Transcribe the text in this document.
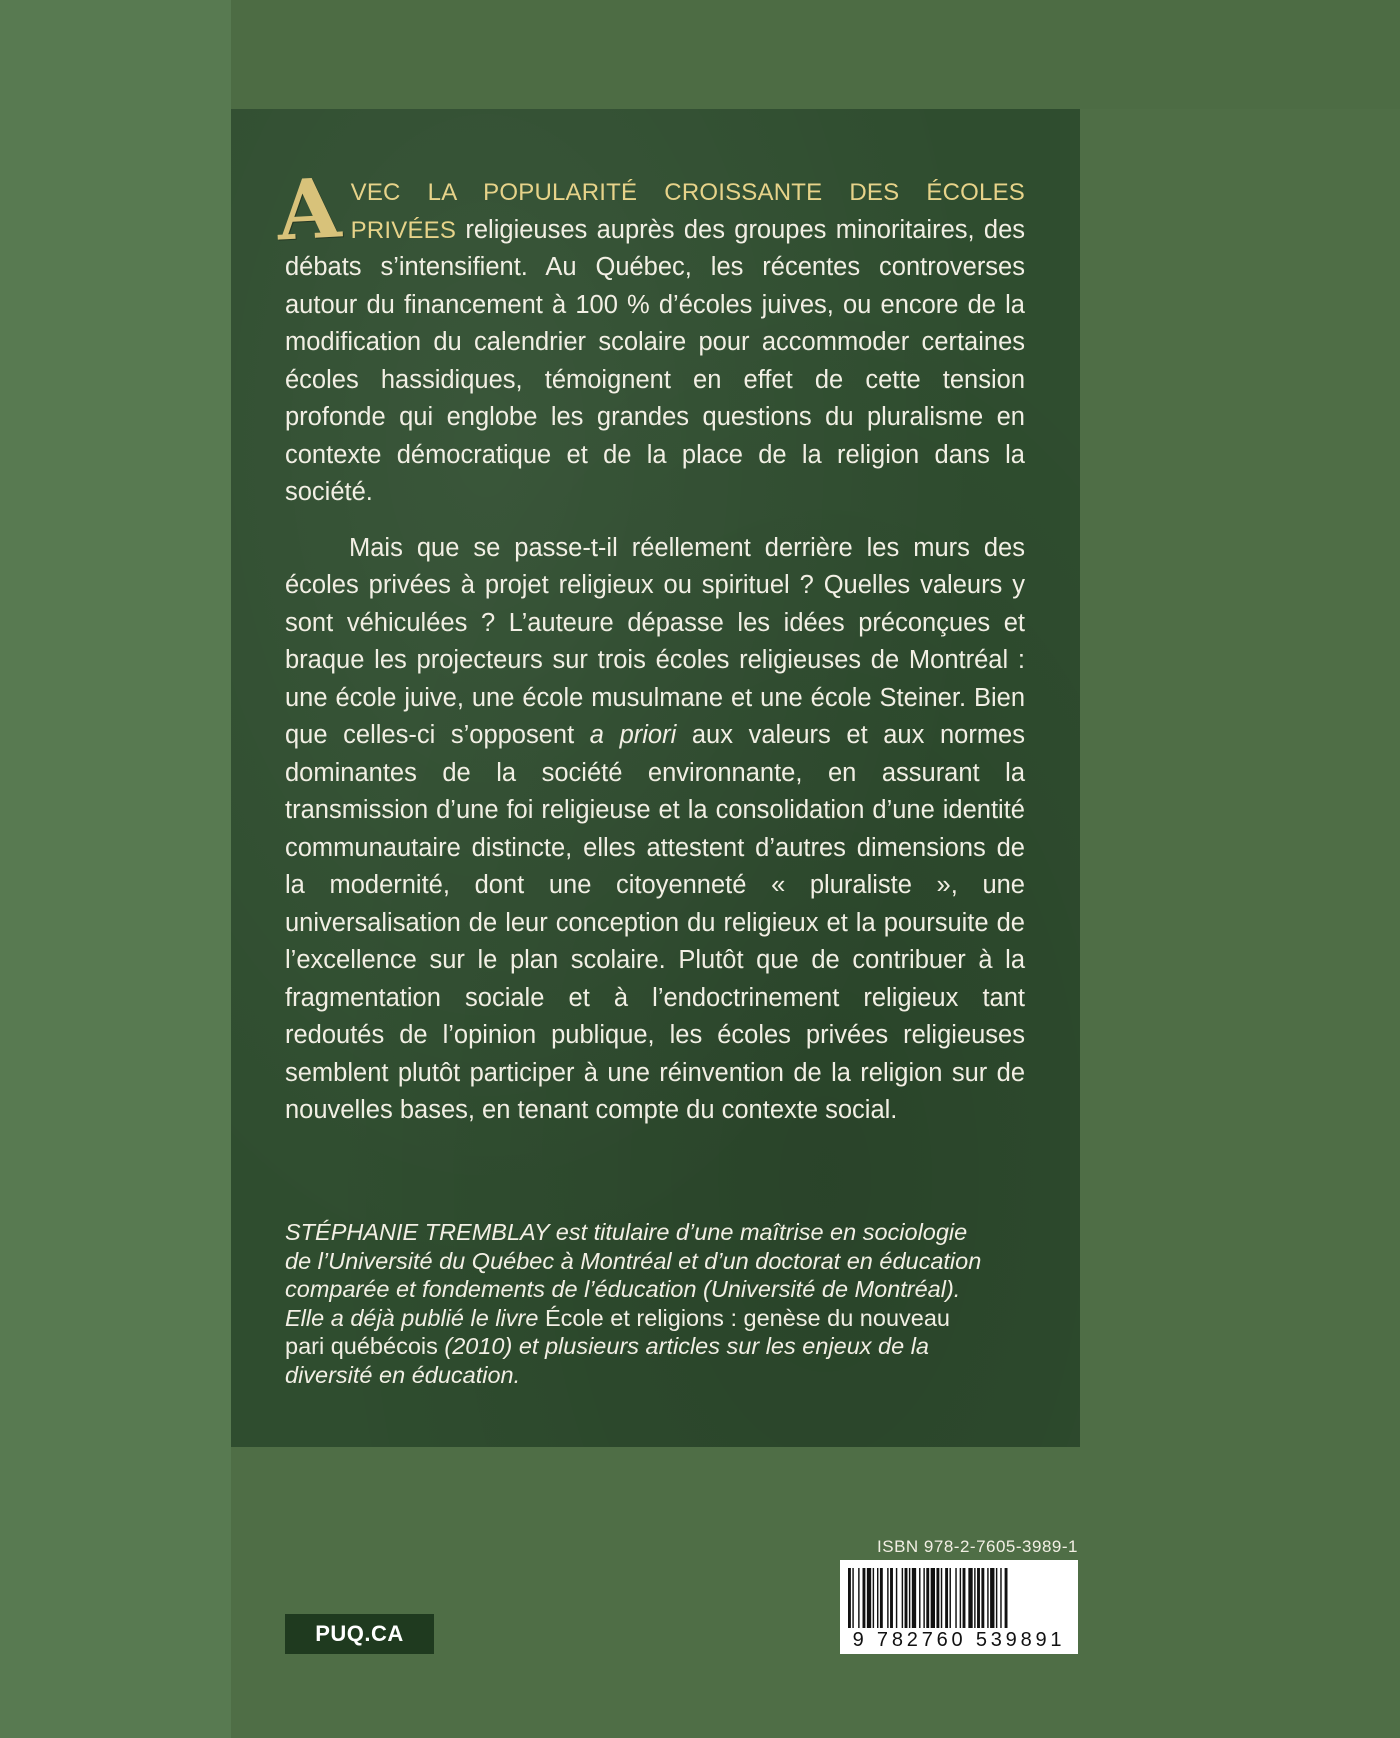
AVEC LA POPULARITÉ CROISSANTE DES ÉCOLES PRIVÉES religieuses auprès des groupes minoritaires, des débats s’intensifient. Au Québec, les récentes controverses autour du financement à 100 % d’écoles juives, ou encore de la modification du calendrier scolaire pour accommoder certaines écoles hassidiques, témoignent en effet de cette tension profonde qui englobe les grandes questions du pluralisme en contexte démocratique et de la place de la religion dans la société.

Mais que se passe-t-il réellement derrière les murs des écoles privées à projet religieux ou spirituel ? Quelles valeurs y sont véhiculées ? L’auteure dépasse les idées préconçues et braque les projecteurs sur trois écoles religieuses de Montréal : une école juive, une école musulmane et une école Steiner. Bien que celles-ci s’opposent a priori aux valeurs et aux normes dominantes de la société environnante, en assurant la transmission d’une foi religieuse et la consolidation d’une identité communautaire distincte, elles attestent d’autres dimensions de la modernité, dont une citoyenneté « pluraliste », une universalisation de leur conception du religieux et la poursuite de l’excellence sur le plan scolaire. Plutôt que de contribuer à la fragmentation sociale et à l’endoctrinement religieux tant redoutés de l’opinion publique, les écoles privées religieuses semblent plutôt participer à une réinvention de la religion sur de nouvelles bases, en tenant compte du contexte social.

STÉPHANIE TREMBLAY est titulaire d’une maîtrise en sociologie de l’Université du Québec à Montréal et d’un doctorat en éducation comparée et fondements de l’éducation (Université de Montréal). Elle a déjà publié le livre École et religions : genèse du nouveau pari québécois (2010) et plusieurs articles sur les enjeux de la diversité en éducation.

ISBN 978-2-7605-3989-1
9 782760 539891
PUQ.CA
